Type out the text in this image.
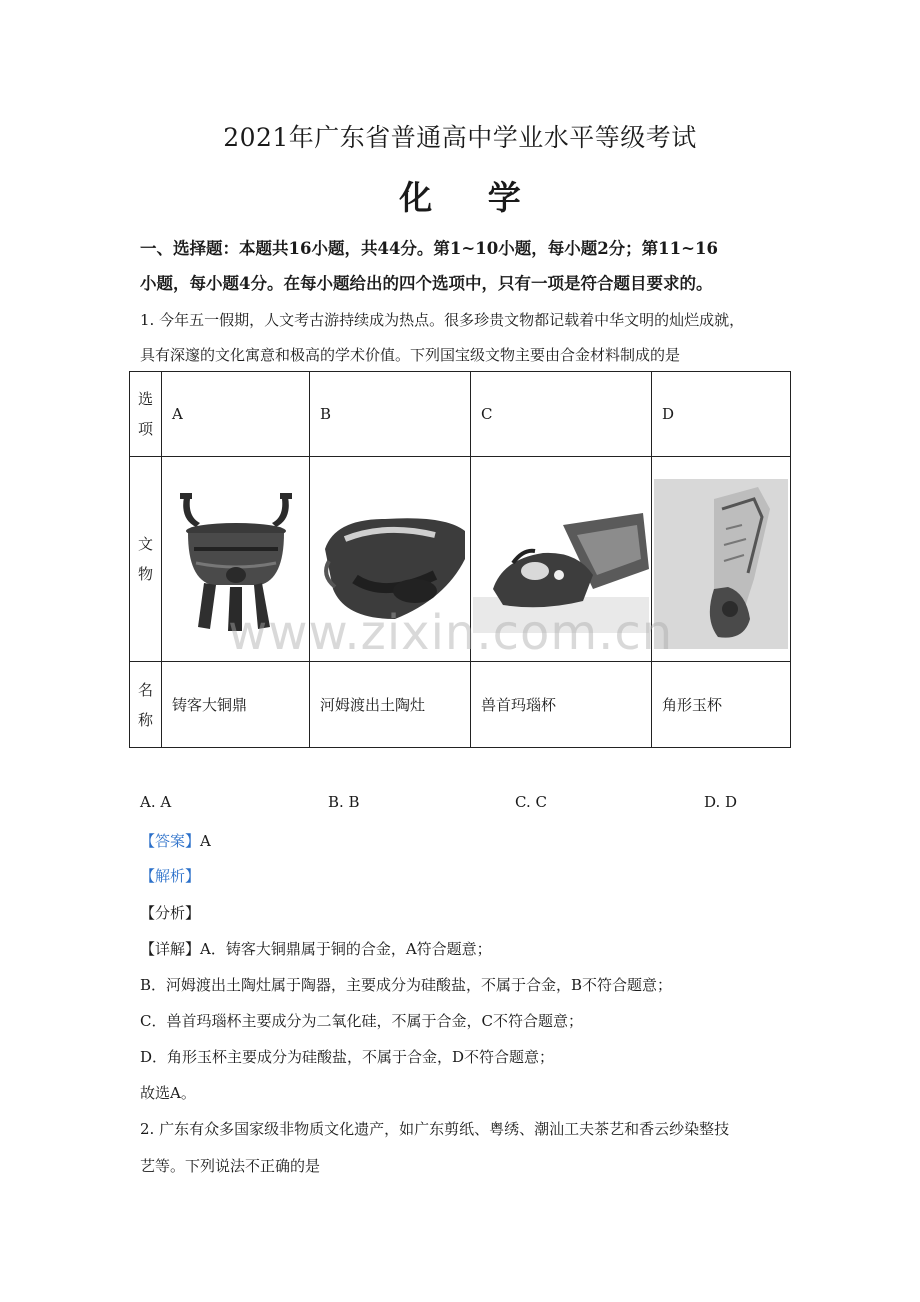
2021年广东省普通高中学业水平等级考试
化 学
一、选择题：本题共16小题，共44分。第1~10小题，每小题2分；第11~16
小题，每小题4分。在每小题给出的四个选项中，只有一项是符合题目要求的。
1. 今年五一假期，人文考古游持续成为热点。很多珍贵文物都记载着中华文明的灿烂成就，
具有深邃的文化寓意和极高的学术价值。下列国宝级文物主要由合金材料制成的是
选
项	A	B	C	D

文
物

名
称	铸客大铜鼎	河姆渡出土陶灶	兽首玛瑙杯	角形玉杯
www.zixin.com.cn
A. A	B. B	C. C	D. D
【答案】A
【解析】
【分析】
【详解】A．铸客大铜鼎属于铜的合金，A符合题意；
B．河姆渡出土陶灶属于陶器，主要成分为硅酸盐，不属于合金，B不符合题意；
C．兽首玛瑙杯主要成分为二氧化硅，不属于合金，C不符合题意；
D．角形玉杯主要成分为硅酸盐，不属于合金，D不符合题意；
故选A。
2. 广东有众多国家级非物质文化遗产，如广东剪纸、粤绣、潮汕工夫茶艺和香云纱染整技
艺等。下列说法不正确的是
